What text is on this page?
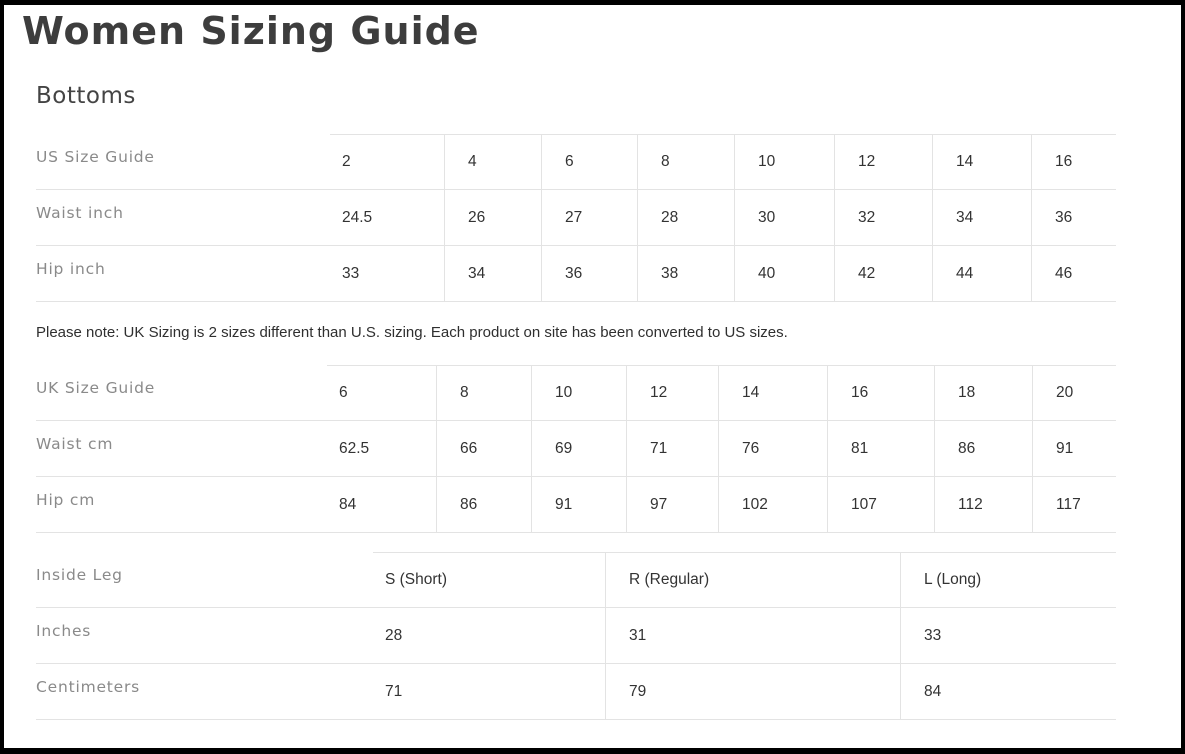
Women Sizing Guide
Bottoms
US Size Guide	2	4	6	8	10	12	14	16
Waist inch	24.5	26	27	28	30	32	34	36
Hip inch	33	34	36	38	40	42	44	46
Please note: UK Sizing is 2 sizes different than U.S. sizing. Each product on site has been converted to US sizes.
UK Size Guide	6	8	10	12	14	16	18	20
Waist cm	62.5	66	69	71	76	81	86	91
Hip cm	84	86	91	97	102	107	112	117
Inside Leg	S (Short)	R (Regular)	L (Long)
Inches	28	31	33
Centimeters	71	79	84
